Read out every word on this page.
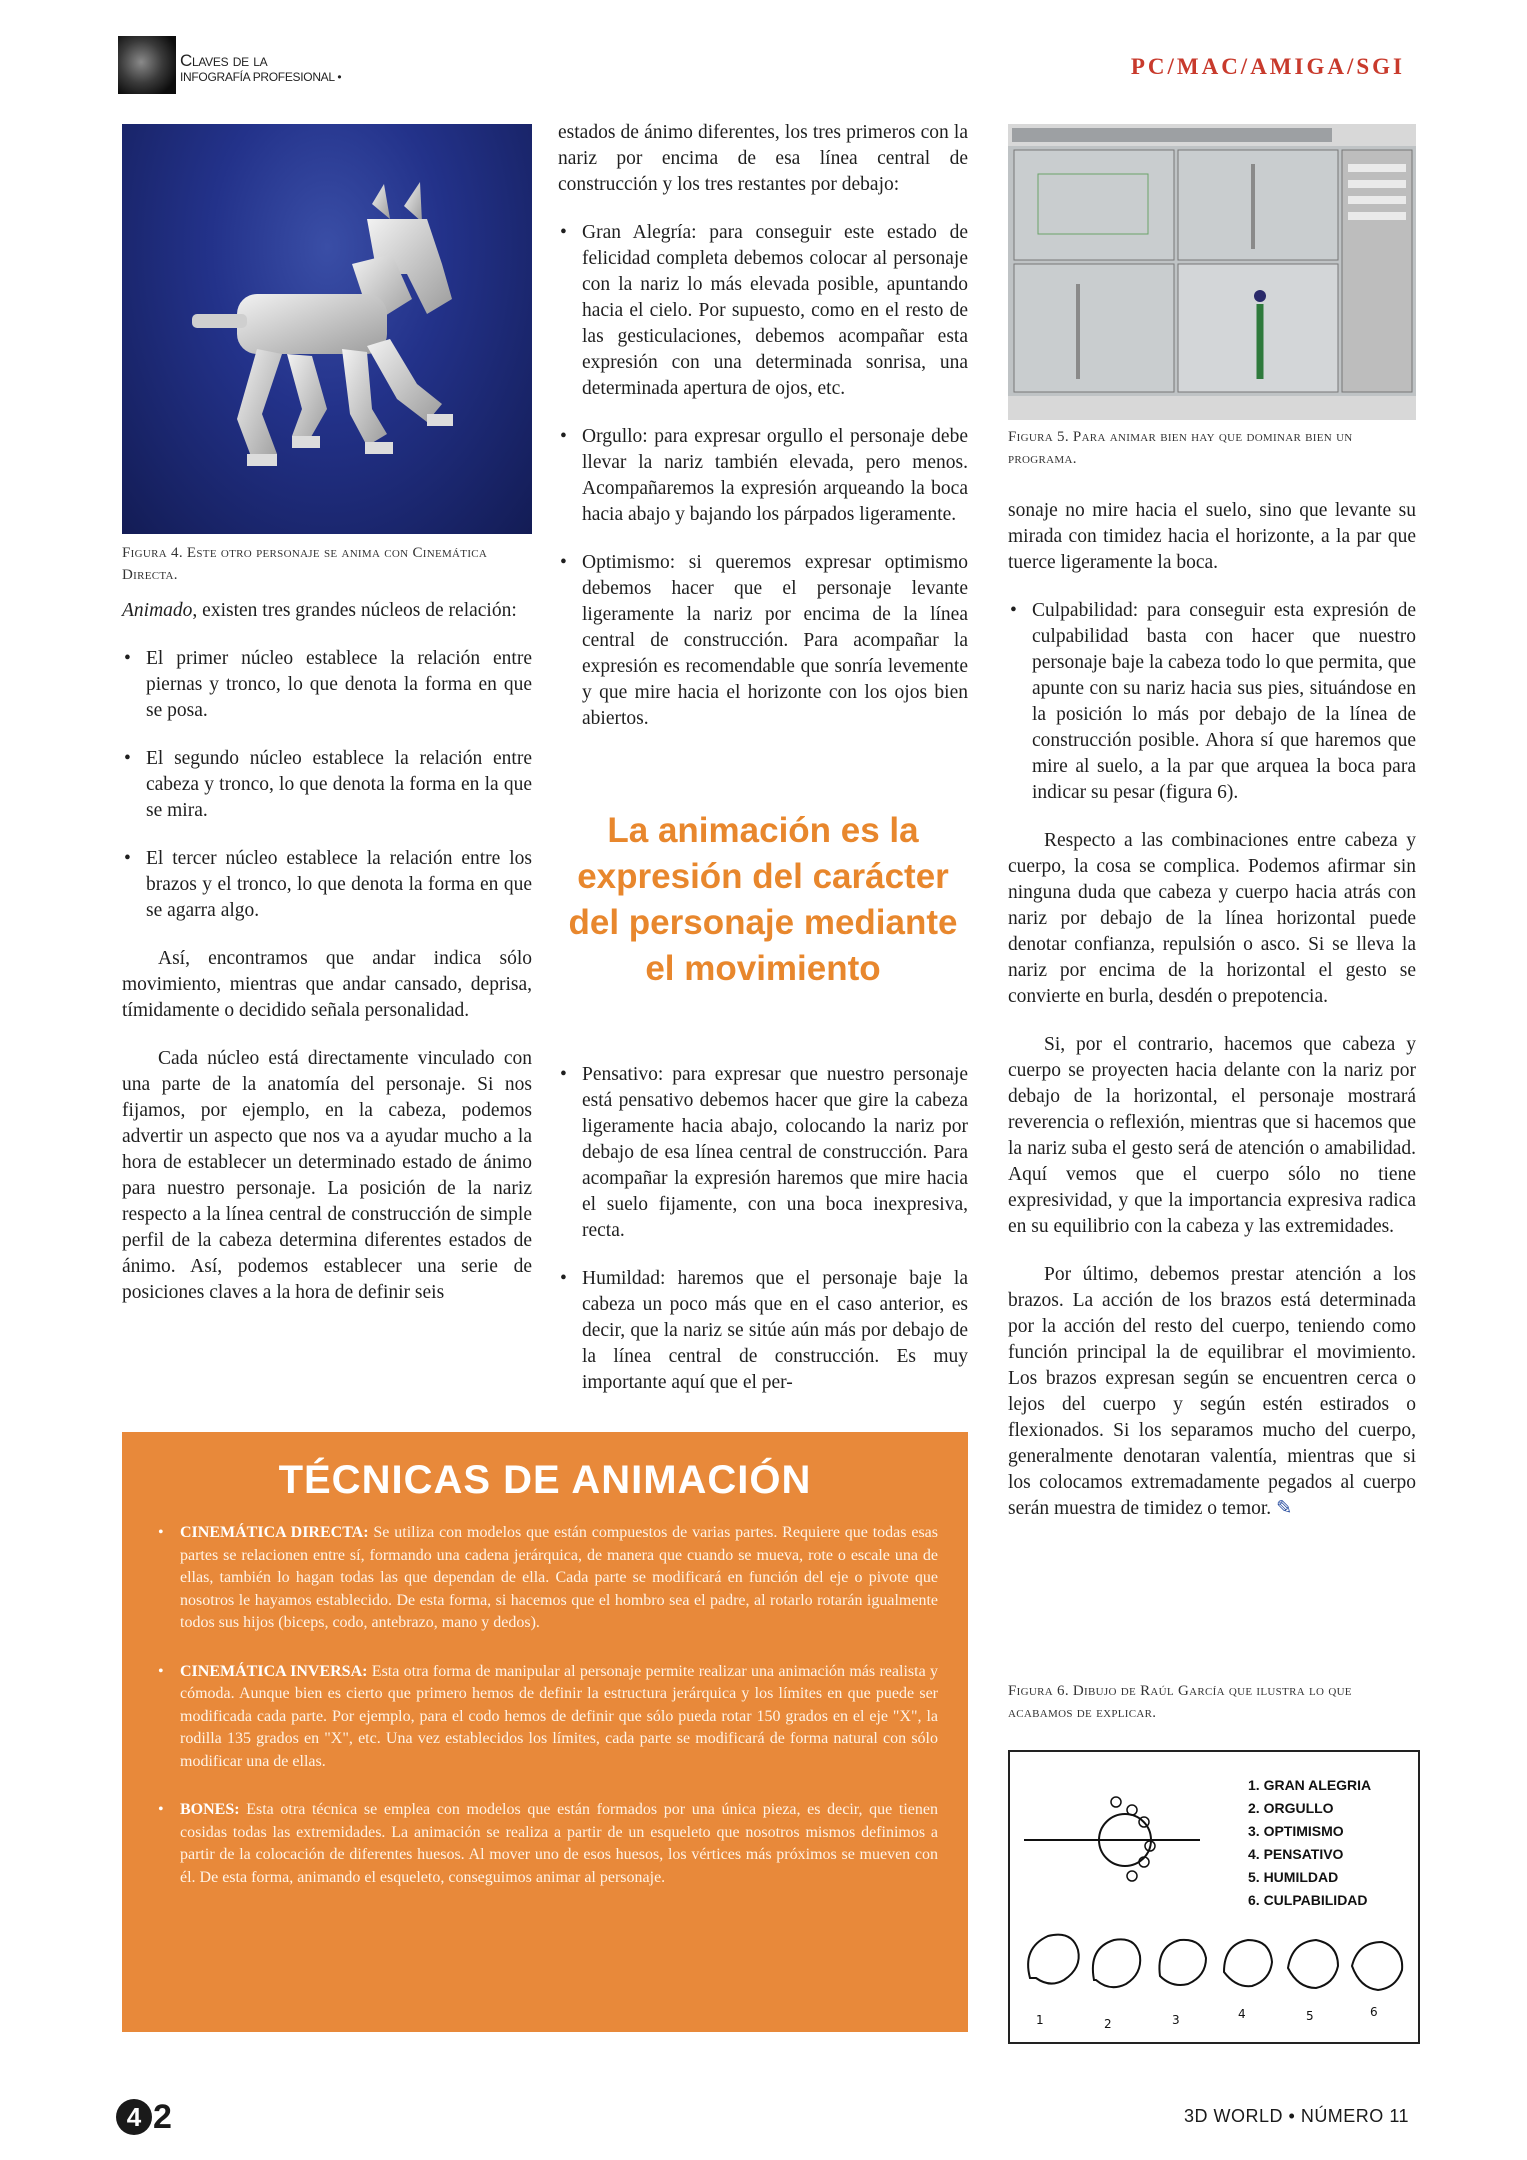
Claves de la
INFOGRAFÍA PROFESIONAL •	PC/MAC/AMIGA/SGI
Figura 4. Este otro personaje se anima con Cinemática Directa.
Figura 5. Para animar bien hay que dominar bien un programa.

Animado, existen tres grandes núcleos de relación:

• El primer núcleo establece la relación entre piernas y tronco, lo que denota la forma en que se posa.
• El segundo núcleo establece la relación entre cabeza y tronco, lo que denota la forma en la que se mira.
• El tercer núcleo establece la relación entre los brazos y el tronco, lo que denota la forma en que se agarra algo.

Así, encontramos que andar indica sólo movimiento, mientras que andar cansado, deprisa, tímidamente o decidido señala personalidad.

Cada núcleo está directamente vinculado con una parte de la anatomía del personaje. Si nos fijamos, por ejemplo, en la cabeza, podemos advertir un aspecto que nos va a ayudar mucho a la hora de establecer un determinado estado de ánimo para nuestro personaje. La posición de la nariz respecto a la línea central de construcción de simple perfil de la cabeza determina diferentes estados de ánimo. Así, podemos establecer una serie de posiciones claves a la hora de definir seis

estados de ánimo diferentes, los tres primeros con la nariz por encima de esa línea central de construcción y los tres restantes por debajo:

• Gran Alegría: para conseguir este estado de felicidad completa debemos colocar al personaje con la nariz lo más elevada posible, apuntando hacia el cielo. Por supuesto, como en el resto de las gesticulaciones, debemos acompañar esta expresión con una determinada sonrisa, una determinada apertura de ojos, etc.
• Orgullo: para expresar orgullo el personaje debe llevar la nariz también elevada, pero menos. Acompañaremos la expresión arqueando la boca hacia abajo y bajando los párpados ligeramente.
• Optimismo: si queremos expresar optimismo debemos hacer que el personaje levante ligeramente la nariz por encima de la línea central de construcción. Para acompañar la expresión es recomendable que sonría levemente y que mire hacia el horizonte con los ojos bien abiertos.
La animación es la expresión del carácter del personaje mediante el movimiento
• Pensativo: para expresar que nuestro personaje está pensativo debemos hacer que gire la cabeza ligeramente hacia abajo, colocando la nariz por debajo de esa línea central de construcción. Para acompañar la expresión haremos que mire hacia el suelo fijamente, con una boca inexpresiva, recta.
• Humildad: haremos que el personaje baje la cabeza un poco más que en el caso anterior, es decir, que la nariz se sitúe aún más por debajo de la línea central de construcción. Es muy importante aquí que el per-

sonaje no mire hacia el suelo, sino que levante su mirada con timidez hacia el horizonte, a la par que tuerce ligeramente la boca.

• Culpabilidad: para conseguir esta expresión de culpabilidad basta con hacer que nuestro personaje baje la cabeza todo lo que permita, que apunte con su nariz hacia sus pies, situándose en la posición lo más por debajo de la línea de construcción posible. Ahora sí que haremos que mire al suelo, a la par que arquea la boca para indicar su pesar (figura 6).

Respecto a las combinaciones entre cabeza y cuerpo, la cosa se complica. Podemos afirmar sin ninguna duda que cabeza y cuerpo hacia atrás con nariz por debajo de la línea horizontal puede denotar confianza, repulsión o asco. Si se lleva la nariz por encima de la horizontal el gesto se convierte en burla, desdén o prepotencia.

Si, por el contrario, hacemos que cabeza y cuerpo se proyecten hacia delante con la nariz por debajo de la horizontal, el personaje mostrará reverencia o reflexión, mientras que si hacemos que la nariz suba el gesto será de atención o amabilidad. Aquí vemos que el cuerpo sólo no tiene expresividad, y que la importancia expresiva radica en su equilibrio con la cabeza y las extremidades.

Por último, debemos prestar atención a los brazos. La acción de los brazos está determinada por la acción del resto del cuerpo, teniendo como función principal la de equilibrar el movimiento. Los brazos expresan según se encuentren cerca o lejos del cuerpo y según estén estirados o flexionados. Si los separamos mucho del cuerpo, generalmente denotaran valentía, mientras que si los colocamos extremadamente pegados al cuerpo serán muestra de timidez o temor. ✎

Figura 6. Dibujo de Raúl García que ilustra lo que acabamos de explicar.
1. GRAN ALEGRIA
2. ORGULLO
3. OPTIMISMO
4. PENSATIVO
5. HUMILDAD
6. CULPABILIDAD
1	2	3	4	5	6
TÉCNICAS DE ANIMACIÓN
• CINEMÁTICA DIRECTA: Se utiliza con modelos que están compuestos de varias partes. Requiere que todas esas partes se relacionen entre sí, formando una cadena jerárquica, de manera que cuando se mueva, rote o escale una de ellas, también lo hagan todas las que dependan de ella. Cada parte se modificará en función del eje o pivote que nosotros le hayamos establecido. De esta forma, si hacemos que el hombro sea el padre, al rotarlo rotarán igualmente todos sus hijos (biceps, codo, antebrazo, mano y dedos).
• CINEMÁTICA INVERSA: Esta otra forma de manipular al personaje permite realizar una animación más realista y cómoda. Aunque bien es cierto que primero hemos de definir la estructura jerárquica y los límites en que puede ser modificada cada parte. Por ejemplo, para el codo hemos de definir que sólo pueda rotar 150 grados en el eje "X", la rodilla 135 grados en "X", etc. Una vez establecidos los límites, cada parte se modificará de forma natural con sólo modificar una de ellas.
• BONES: Esta otra técnica se emplea con modelos que están formados por una única pieza, es decir, que tienen cosidas todas las extremidades. La animación se realiza a partir de un esqueleto que nosotros mismos definimos a partir de la colocación de diferentes huesos. Al mover uno de esos huesos, los vértices más próximos se mueven con él. De esta forma, animando el esqueleto, conseguimos animar al personaje.
4 2	3D WORLD • NÚMERO 11
